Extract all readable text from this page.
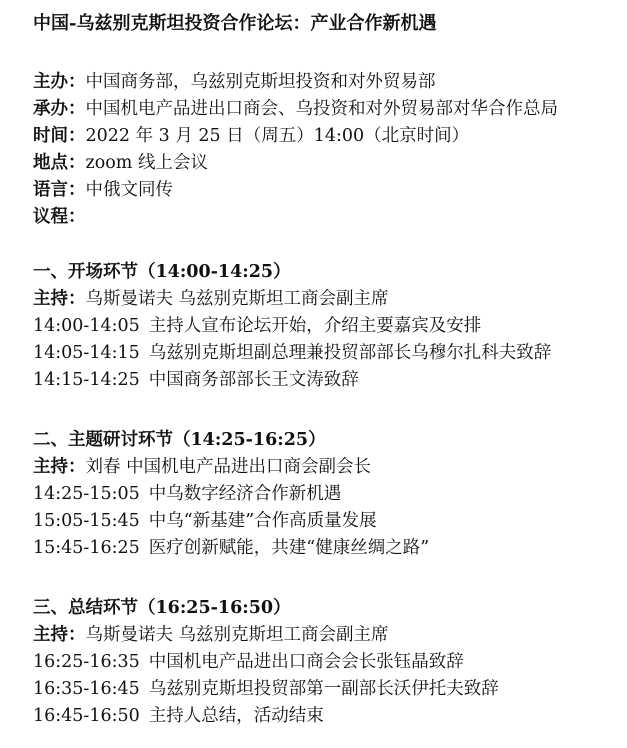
中国-乌兹别克斯坦投资合作论坛：产业合作新机遇
主办：中国商务部，乌兹别克斯坦投资和对外贸易部
承办：中国机电产品进出口商会、乌投资和对外贸易部对华合作总局
时间：2022 年 3 月 25 日（周五）14:00（北京时间）
地点：zoom 线上会议
语言：中俄文同传
议程：
一、开场环节（14:00-14:25）
主持：乌斯曼诺夫 乌兹别克斯坦工商会副主席
14:00-14:05 主持人宣布论坛开始，介绍主要嘉宾及安排
14:05-14:15 乌兹别克斯坦副总理兼投贸部部长乌穆尔扎科夫致辞
14:15-14:25 中国商务部部长王文涛致辞
二、主题研讨环节（14:25-16:25）
主持：刘春 中国机电产品进出口商会副会长
14:25-15:05 中乌数字经济合作新机遇
15:05-15:45 中乌“新基建”合作高质量发展
15:45-16:25 医疗创新赋能，共建“健康丝绸之路”
三、总结环节（16:25-16:50）
主持：乌斯曼诺夫 乌兹别克斯坦工商会副主席
16:25-16:35 中国机电产品进出口商会会长张钰晶致辞
16:35-16:45 乌兹别克斯坦投贸部第一副部长沃伊托夫致辞
16:45-16:50 主持人总结，活动结束
